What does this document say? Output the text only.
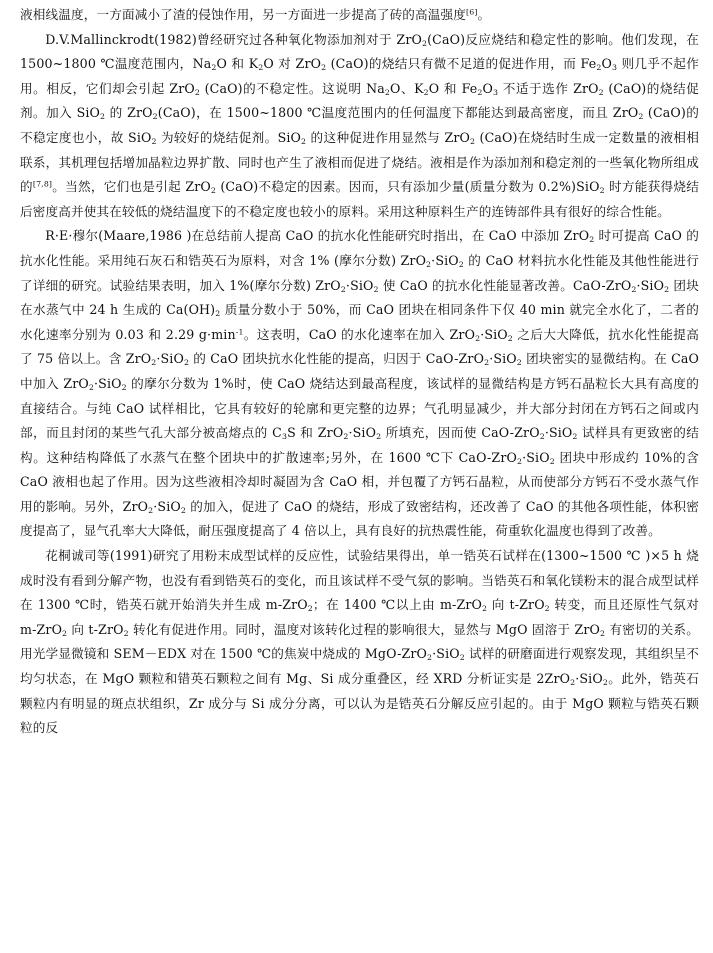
液相线温度，一方面减小了渣的侵蚀作用，另一方面进一步提高了砖的高温强度[6]。

D.V.Mallinckrodt(1982)曾经研究过各种氧化物添加剂对于 ZrO$_2$(CaO)反应烧结和稳定性的影响。他们发现，在 1500~1800 ℃温度范围内，$Na_2O$ 和 $K_2O$ 对 ZrO$_2$ (CaO)的烧结只有微不足道的促进作用，而 $Fe_2O_3$ 则几乎不起作用。相反，它们却会引起 ZrO$_2$ (CaO)的不稳定性。这说明 $Na_2O$、$K_2O$ 和 $Fe_2O_3$ 不适于选作 ZrO$_2$ (CaO)的烧结促剂。加入 SiO$_2$ 的 ZrO$_2$(CaO)，在 1500~1800 ℃温度范围内的任何温度下都能达到最高密度，而且 ZrO$_2$ (CaO)的不稳定度也小，故 SiO$_2$ 为较好的烧结促剂。SiO$_2$ 的这种促进作用显然与 ZrO$_2$ (CaO)在烧结时生成一定数量的液相相联系，其机理包括增加晶粒边界扩散、同时也产生了液相而促进了烧结。液相是作为添加剂和稳定剂的一些氧化物所组成的[7,8]。当然，它们也是引起 ZrO$_2$ (CaO)不稳定的因素。因而，只有添加少量(质量分数为 0.2%)SiO$_2$ 时方能获得烧结后密度高并使其在较低的烧结温度下的不稳定度也较小的原料。采用这种原料生产的连铸部件具有很好的综合性能。

R·E·穆尔(Maare,1986 )在总结前人提高 CaO 的抗水化性能研究时指出，在 CaO 中添加 ZrO$_2$ 时可提高 CaO 的抗水化性能。采用纯石灰石和锆英石为原料，对含 1% (摩尔分数) ZrO$_2$·SiO$_2$ 的 CaO 材料抗水化性能及其他性能进行了详细的研究。试验结果表明，加入 1%(摩尔分数) ZrO$_2$·SiO$_2$ 使 CaO 的抗水化性能显著改善。CaO-ZrO$_2$·SiO$_2$ 团块在水蒸气中 24 h 生成的 $Ca(OH)_2$ 质量分数小于 50%，而 CaO 团块在相同条件下仅 40 min 就完全水化了，二者的水化速率分别为 0.03 和 2.29 $g\cdot\min^{-1}$。这表明，CaO 的水化速率在加入 ZrO$_2$·SiO$_2$ 之后大大降低，抗水化性能提高了 75 倍以上。含 ZrO$_2$·SiO$_2$ 的 CaO 团块抗水化性能的提高，归因于 CaO-ZrO$_2$·SiO$_2$ 团块密实的显微结构。在 CaO 中加入 ZrO$_2$·SiO$_2$ 的摩尔分数为 1%时，使 CaO 烧结达到最高程度，该试样的显微结构是方钙石晶粒长大具有高度的直接结合。与纯 CaO 试样相比，它具有较好的轮廓和更完整的边界；气孔明显减少，并大部分封闭在方钙石之间或内部，而且封闭的某些气孔大部分被高熔点的 $C_3S$ 和 ZrO$_2$·SiO$_2$ 所填充，因而使 CaO-ZrO$_2$·SiO$_2$ 试样具有更致密的结构。这种结构降低了水蒸气在整个团块中的扩散速率;另外，在 1600 ℃下 CaO-ZrO$_2$·SiO$_2$ 团块中形成约 10%的含 CaO 液相也起了作用。因为这些液相冷却时凝固为含 CaO 相，并包覆了方钙石晶粒，从而使部分方钙石不受水蒸气作用的影响。另外，ZrO$_2$·SiO$_2$ 的加入，促进了 CaO 的烧结，形成了致密结构，还改善了 CaO 的其他各项性能，体积密度提高了，显气孔率大大降低，耐压强度提高了 4 倍以上，具有良好的抗热震性能，荷重软化温度也得到了改善。

花桐诚司等(1991)研究了用粉末成型试样的反应性，试验结果得出，单一锆英石试样在(1300~1500 ℃ )×5 h 烧成时没有看到分解产物，也没有看到锆英石的变化，而且该试样不受气氛的影响。当锆英石和氧化镁粉末的混合成型试样在 1300 ℃时，锆英石就开始消失并生成 m-ZrO$_2$；在 1400 ℃以上由 m-ZrO$_2$ 向 t-ZrO$_2$ 转变，而且还原性气氛对 m-ZrO$_2$ 向 t-ZrO$_2$ 转化有促进作用。同时，温度对该转化过程的影响很大，显然与 MgO 固溶于 ZrO$_2$ 有密切的关系。用光学显微镜和 SEM－EDX 对在 1500 ℃的焦炭中烧成的 MgO-ZrO$_2$·SiO$_2$ 试样的研磨面进行观察发现，其组织呈不均匀状态，在 MgO 颗粒和错英石颗粒之间有 Mg、Si 成分重叠区，经 XRD 分析证实是 2ZrO$_2$·SiO$_2$。此外，锆英石颗粒内有明显的斑点状组织，Zr 成分与 Si 成分分离，可以认为是锆英石分解反应引起的。由于 MgO 颗粒与锆英石颗粒的反
